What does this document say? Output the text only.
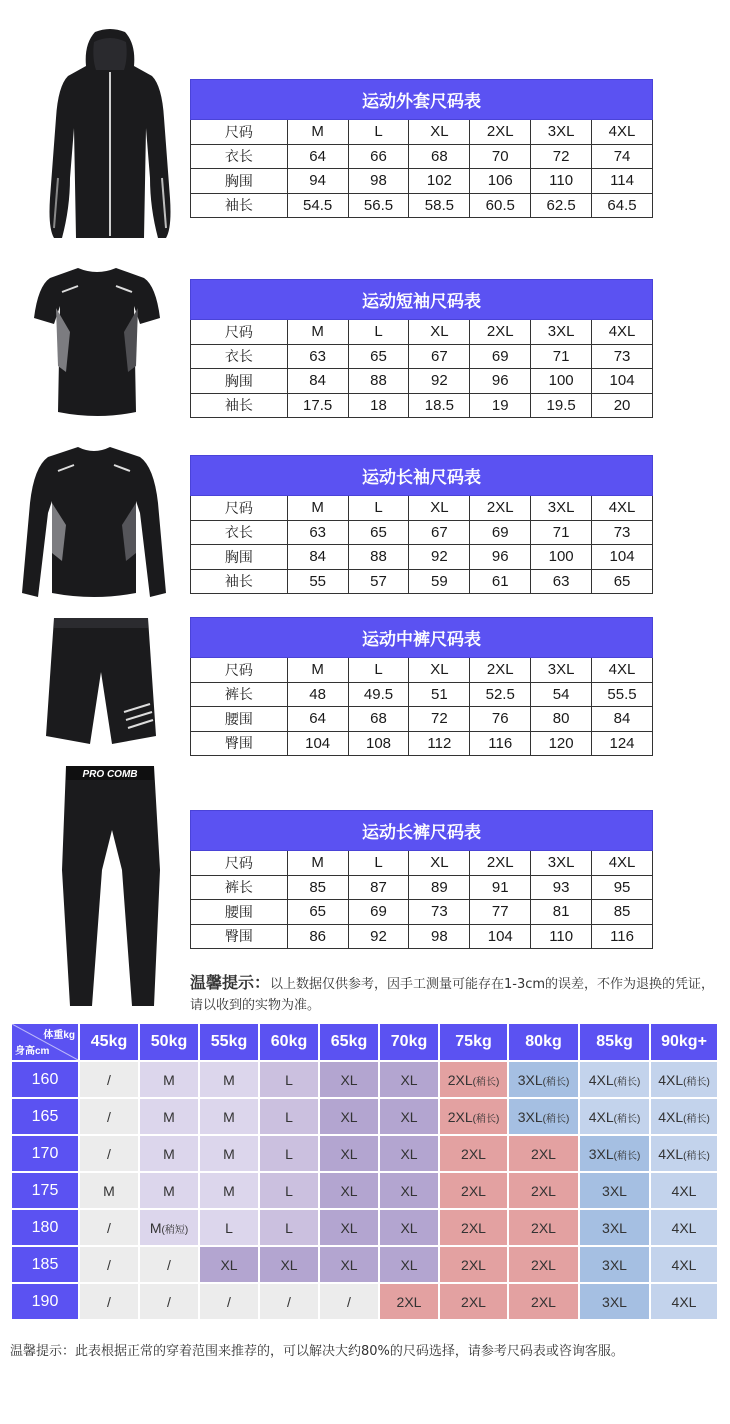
PRO COMB
运动外套尺码表						
尺码	M	L	XL	2XL	3XL	4XL
衣长	64	66	68	70	72	74
胸围	94	98	102	106	110	114
袖长	54.5	56.5	58.5	60.5	62.5	64.5
运动短袖尺码表						
尺码	M	L	XL	2XL	3XL	4XL
衣长	63	65	67	69	71	73
胸围	84	88	92	96	100	104
袖长	17.5	18	18.5	19	19.5	20
运动长袖尺码表						
尺码	M	L	XL	2XL	3XL	4XL
衣长	63	65	67	69	71	73
胸围	84	88	92	96	100	104
袖长	55	57	59	61	63	65
运动中裤尺码表						
尺码	M	L	XL	2XL	3XL	4XL
裤长	48	49.5	51	52.5	54	55.5
腰围	64	68	72	76	80	84
臀围	104	108	112	116	120	124
运动长裤尺码表						
尺码	M	L	XL	2XL	3XL	4XL
裤长	85	87	89	91	93	95
腰围	65	69	73	77	81	85
臀围	86	92	98	104	110	116
温馨提示：以上数据仅供参考，因手工测量可能存在1-3cm的误差，不作为退换的凭证，请以收到的实物为准。
体重kg
身高cm	45kg	50kg	55kg	60kg	65kg	70kg	75kg	80kg	85kg	90kg+
160	/	M	M	L	XL	XL	2XL(稍长)	3XL(稍长)	4XL(稍长)	4XL(稍长)
165	/	M	M	L	XL	XL	2XL(稍长)	3XL(稍长)	4XL(稍长)	4XL(稍长)
170	/	M	M	L	XL	XL	2XL	2XL	3XL(稍长)	4XL(稍长)
175	M	M	M	L	XL	XL	2XL	2XL	3XL	4XL
180	/	M(稍短)	L	L	XL	XL	2XL	2XL	3XL	4XL
185	/	/	XL	XL	XL	XL	2XL	2XL	3XL	4XL
190	/	/	/	/	/	2XL	2XL	2XL	3XL	4XL
温馨提示：此表根据正常的穿着范围来推荐的，可以解决大约80%的尺码选择，请参考尺码表或咨询客服。
